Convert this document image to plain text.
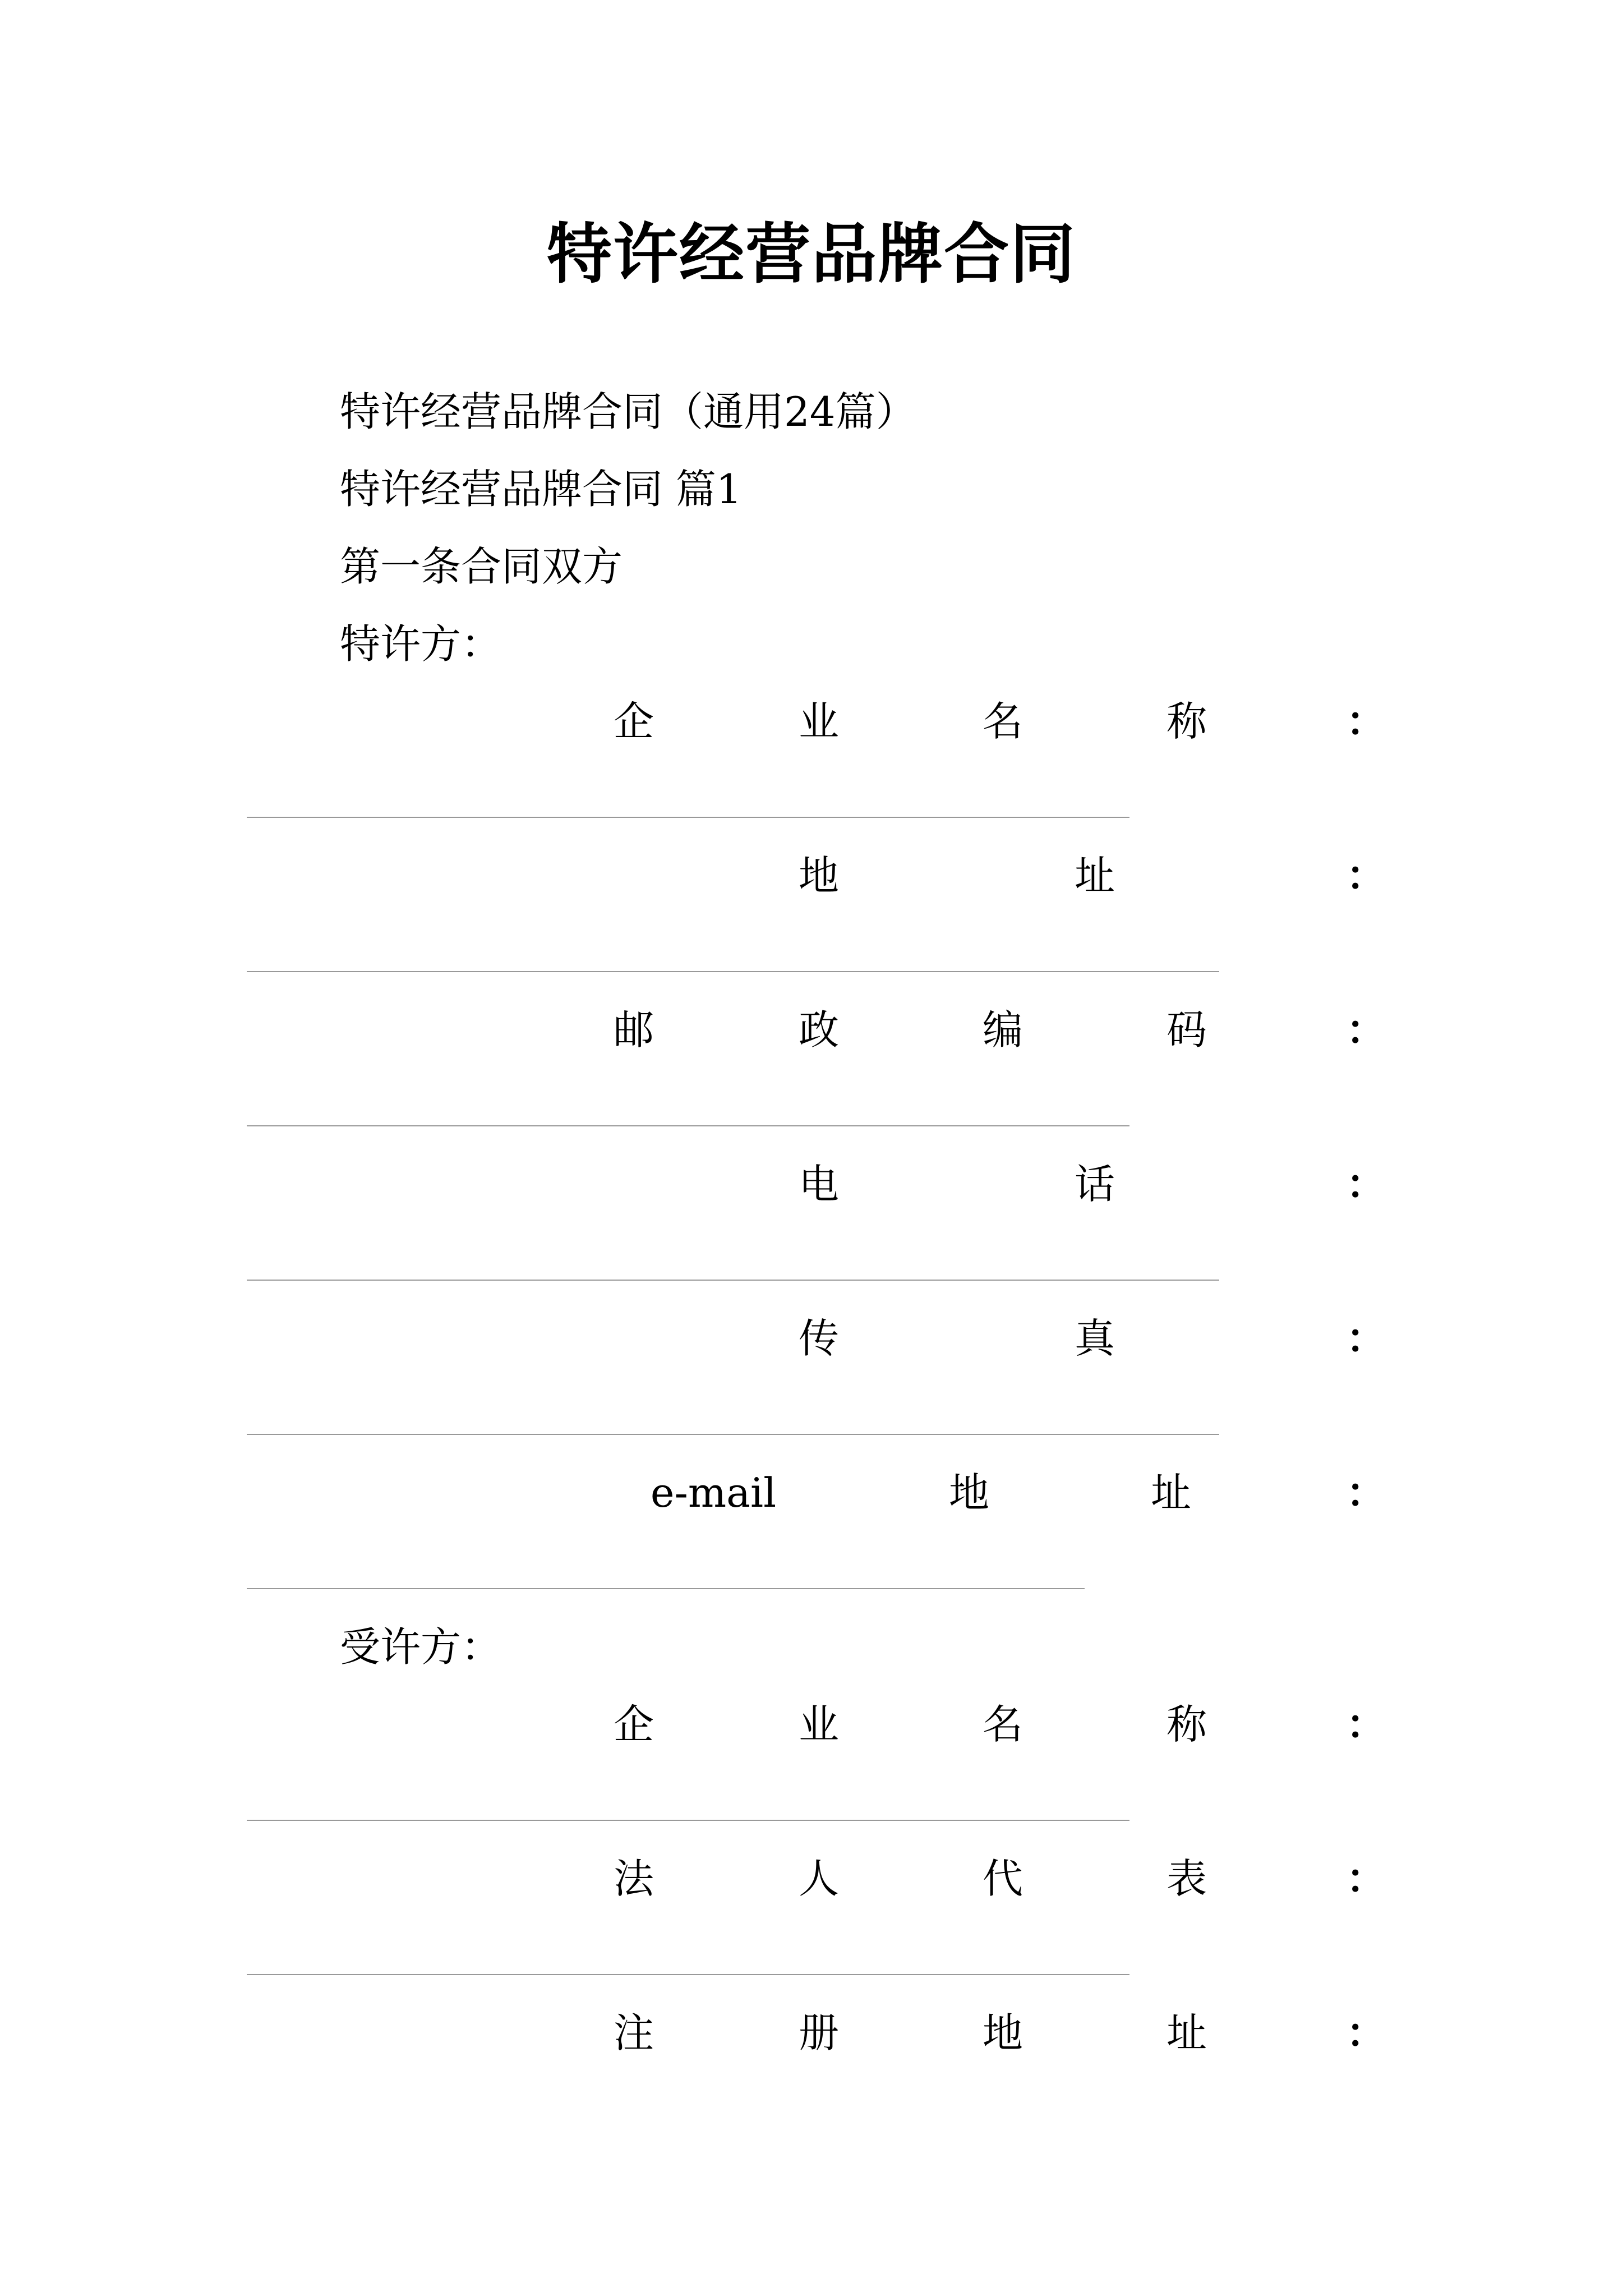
特许经营品牌合同

特许经营品牌合同（通用24篇）

特许经营品牌合同 篇1

第一条合同双方

特许方：

企	业	名	称	：
地	址	：
邮	政	编	码	：
电	话	：
传	真	：
e-mail	地	址	：

受许方：

企	业	名	称	：
法	人	代	表	：
注	册	地	址	：
